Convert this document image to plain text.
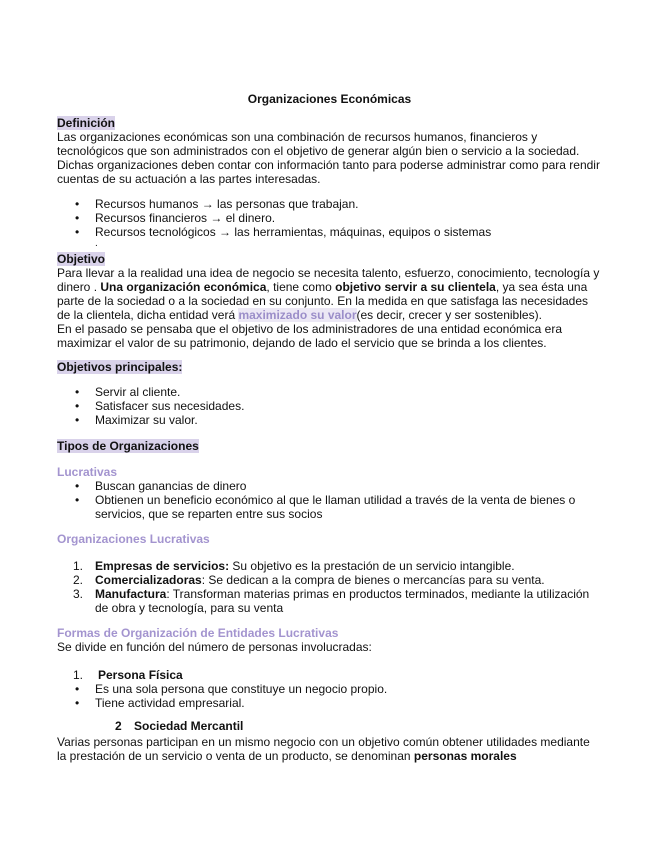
Organizaciones Económicas
Definición
Las organizaciones económicas son una combinación de recursos humanos, financieros y tecnológicos que son administrados con el objetivo de generar algún bien o servicio a la sociedad. Dichas organizaciones deben contar con información tanto para poderse administrar como para rendir cuentas de su actuación a las partes interesadas.
• Recursos humanos → las personas que trabajan.
• Recursos financieros → el dinero.
• Recursos tecnológicos → las herramientas, máquinas, equipos o sistemas
.
Objetivo
Para llevar a la realidad una idea de negocio se necesita talento, esfuerzo, conocimiento, tecnología y dinero . Una organización económica, tiene como objetivo servir a su clientela, ya sea ésta una parte de la sociedad o a la sociedad en su conjunto. En la medida en que satisfaga las necesidades de la clientela, dicha entidad verá maximizado su valor(es decir, crecer y ser sostenibles).
En el pasado se pensaba que el objetivo de los administradores de una entidad económica era maximizar el valor de su patrimonio, dejando de lado el servicio que se brinda a los clientes.
Objetivos principales:
• Servir al cliente.
• Satisfacer sus necesidades.
• Maximizar su valor.
Tipos de Organizaciones
Lucrativas
• Buscan ganancias de dinero
• Obtienen un beneficio económico al que le llaman utilidad a través de la venta de bienes o servicios, que se reparten entre sus socios
Organizaciones Lucrativas
1. Empresas de servicios: Su objetivo es la prestación de un servicio intangible.
2. Comercializadoras: Se dedican a la compra de bienes o mercancías para su venta.
3. Manufactura: Transforman materias primas en productos terminados, mediante la utilización de obra y tecnología, para su venta
Formas de Organización de Entidades Lucrativas
Se divide en función del número de personas involucradas:
1. Persona Física
• Es una sola persona que constituye un negocio propio.
• Tiene actividad empresarial.
2 Sociedad Mercantil
Varias personas participan en un mismo negocio con un objetivo común obtener utilidades mediante la prestación de un servicio o venta de un producto, se denominan personas morales
